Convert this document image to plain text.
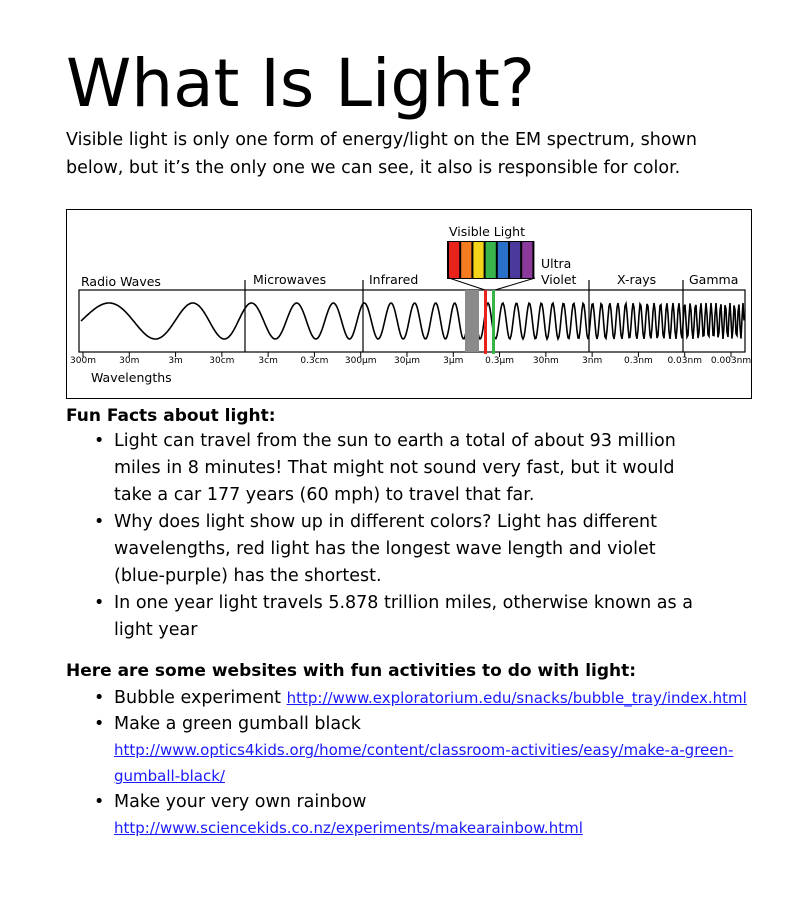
What Is Light?

Visible light is only one form of energy/light on the EM spectrum, shown below, but it’s the only one we can see, it also is responsible for color.

Visible Light
Radio Waves	Microwaves	Infrared
Ultra
Violet	X-rays	Gamma
300m	30m	3m	30cm	3cm	0.3cm 300µm 30µm	3µm 0.3µm 30nm	3nm 0.3nm 0.03nm 0.003nm
Wavelengths

Fun Facts about light:

• Light can travel from the sun to earth a total of about 93 million miles in 8 minutes! That might not sound very fast, but it would take a car 177 years (60 mph) to travel that far.
• Why does light show up in different colors? Light has different wavelengths, red light has the longest wave length and violet (blue-purple) has the shortest.
• In one year light travels 5.878 trillion miles, otherwise known as a light year

Here are some websites with fun activities to do with light:

• Bubble experiment http://www.exploratorium.edu/snacks/bubble_tray/index.html
• Make a green gumball black http://www.optics4kids.org/home/content/classroom-activities/easy/make-a-green-gumball-black/
• Make your very own rainbow http://www.sciencekids.co.nz/experiments/makearainbow.html
